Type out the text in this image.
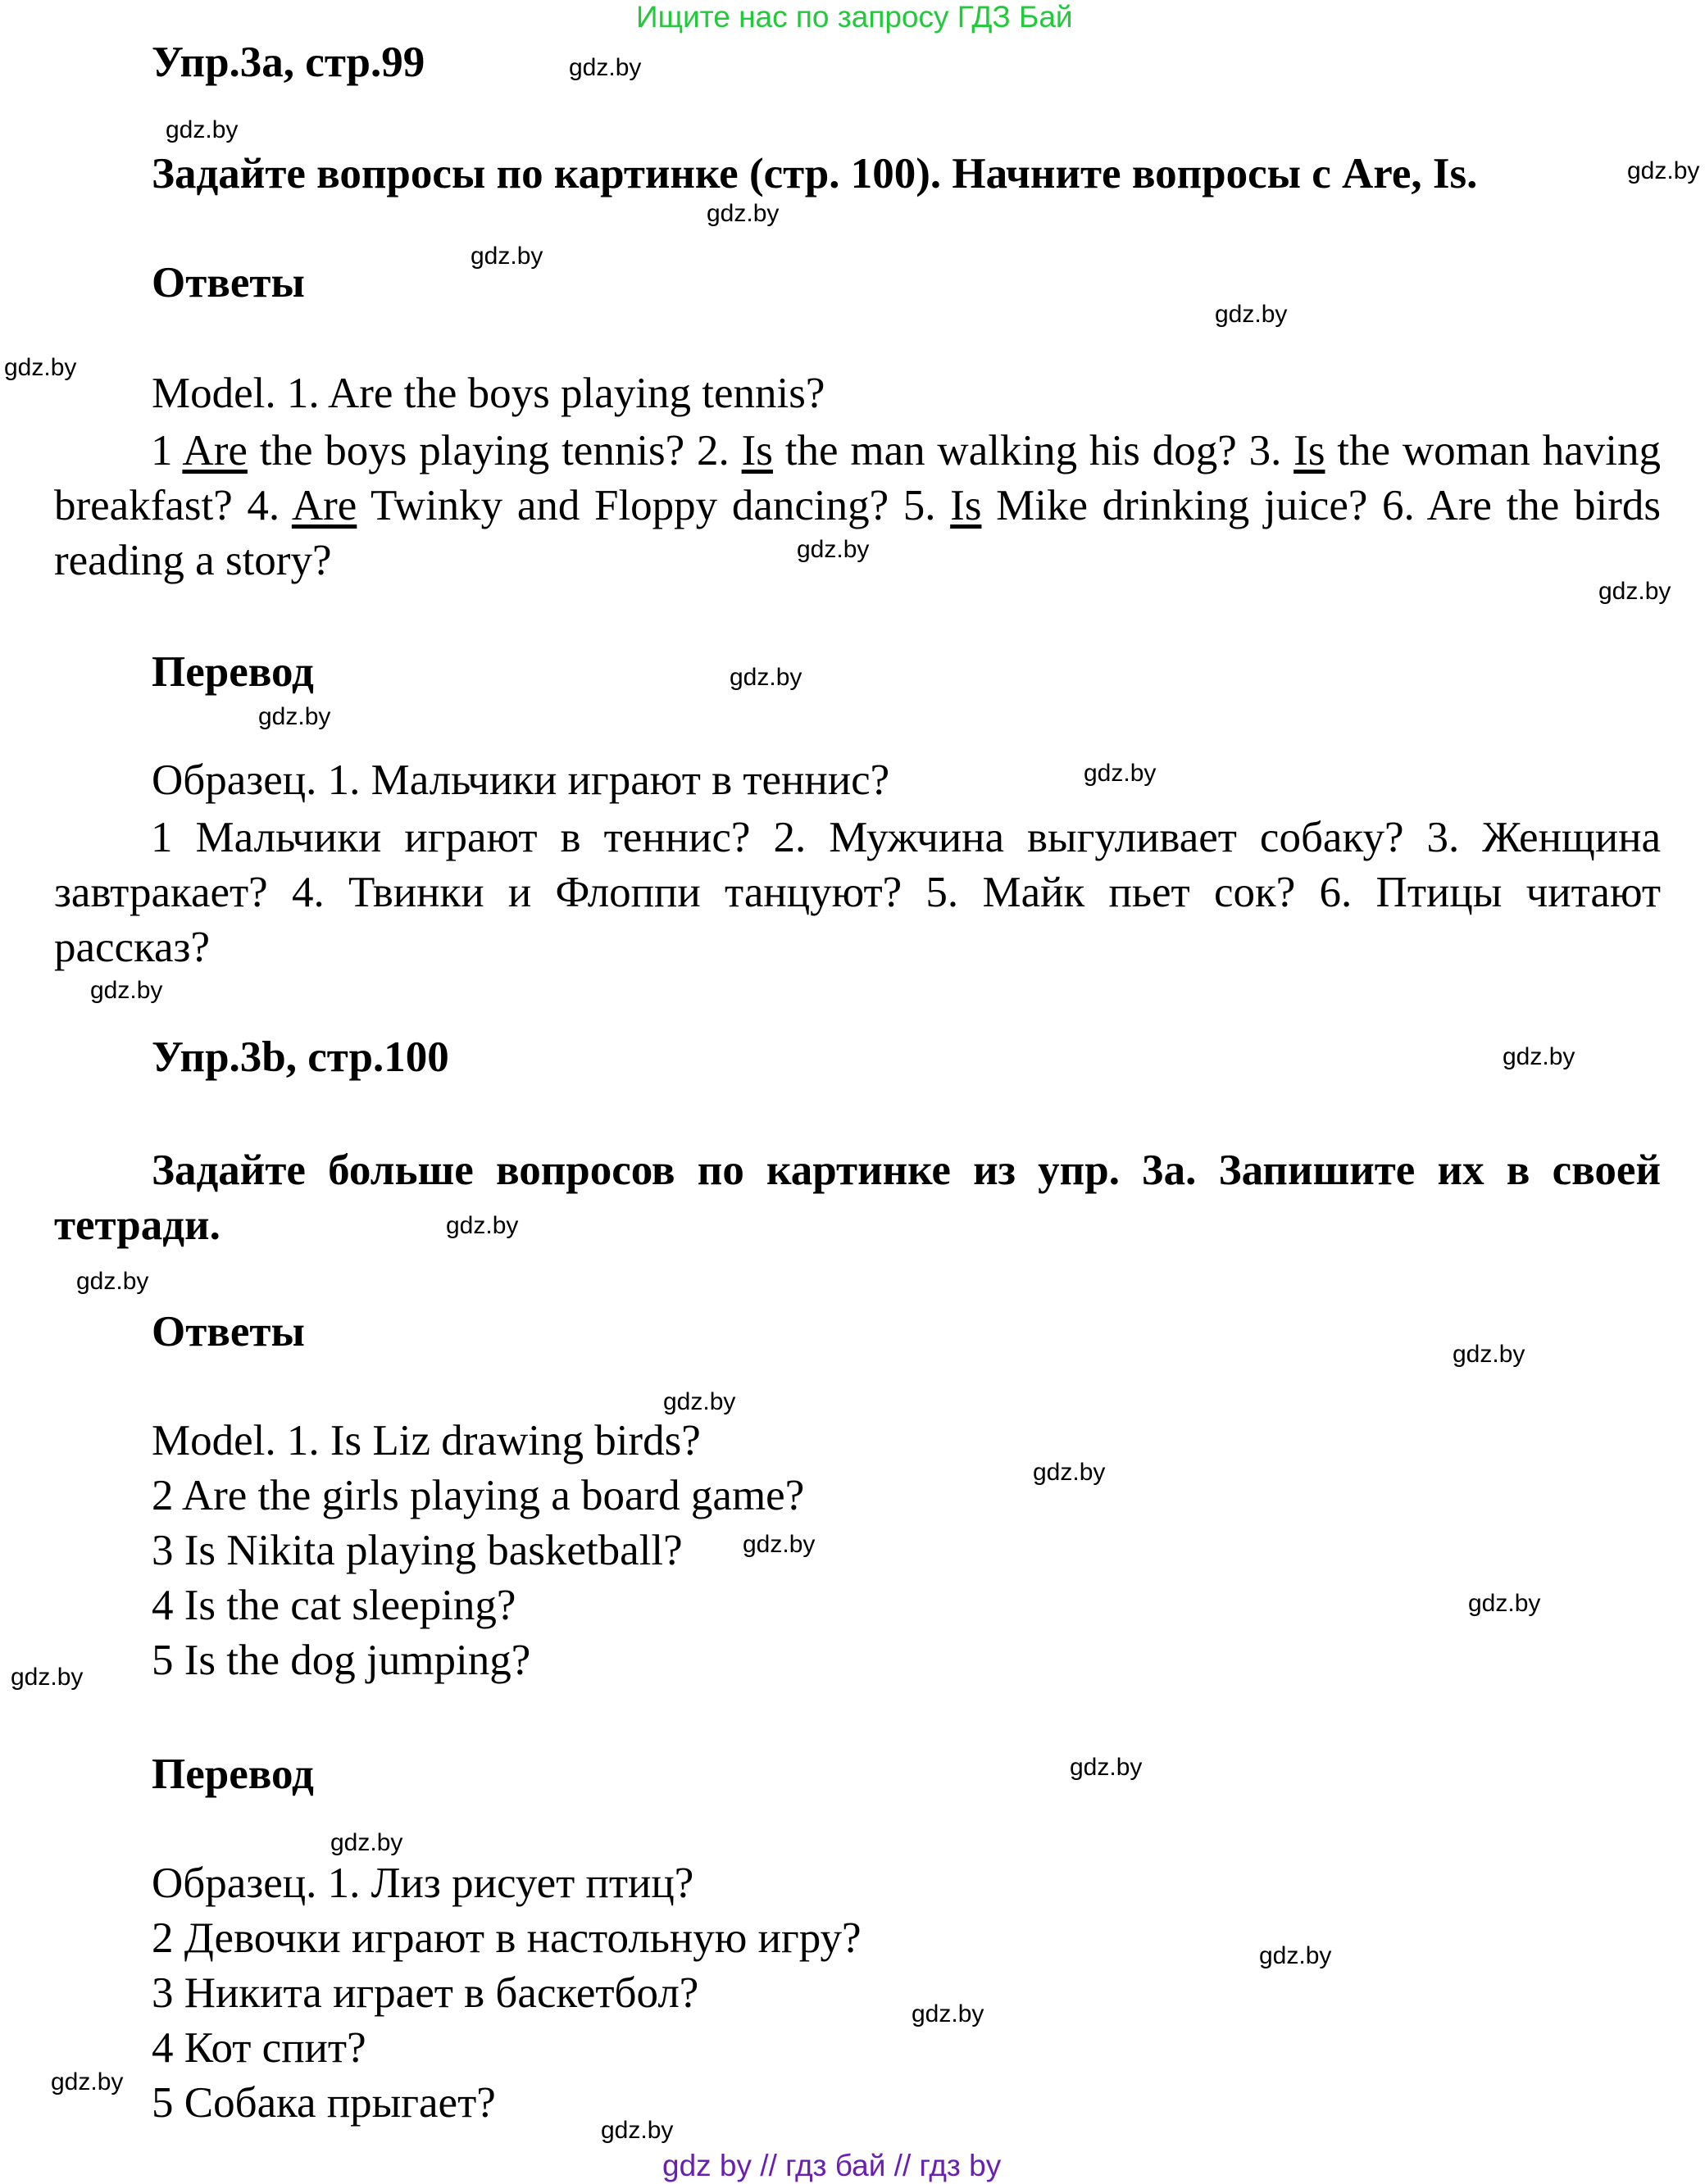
Ищите нас по запросу ГДЗ Бай
Упр.3a, стр.99
Задайте вопросы по картинке (стр. 100). Начните вопросы с Are, Is.
Ответы
Model. 1. Are the boys playing tennis?
1 Are the boys playing tennis? 2. Is the man walking his dog? 3. Is the woman having breakfast? 4. Are Twinky and Floppy dancing? 5. Is Mike drinking juice? 6. Are the birds reading a story?
Перевод
Образец. 1. Мальчики играют в теннис?
1 Мальчики играют в теннис? 2. Мужчина выгуливает собаку? 3. Женщина завтракает? 4. Твинки и Флоппи танцуют? 5. Майк пьет сок? 6. Птицы читают рассказ?
Упр.3b, стр.100
Задайте больше вопросов по картинке из упр. 3a. Запишите их в своей тетради.
Ответы
Model. 1. Is Liz drawing birds?
2 Are the girls playing a board game?
3 Is Nikita playing basketball?
4 Is the cat sleeping?
5 Is the dog jumping?
Перевод
Образец. 1. Лиз рисует птиц?
2 Девочки играют в настольную игру?
3 Никита играет в баскетбол?
4 Кот спит?
5 Собака прыгает?
gdz.by
gdz.by
gdz.by
gdz.by
gdz.by
gdz.by
gdz.by
gdz.by
gdz.by
gdz.by
gdz.by
gdz.by
gdz.by
gdz.by
gdz.by
gdz.by
gdz.by
gdz.by
gdz.by
gdz.by
gdz.by
gdz.by
gdz.by
gdz.by
gdz.by
gdz.by
gdz.by
gdz.by
gdz by // гдз бай // гдз by
